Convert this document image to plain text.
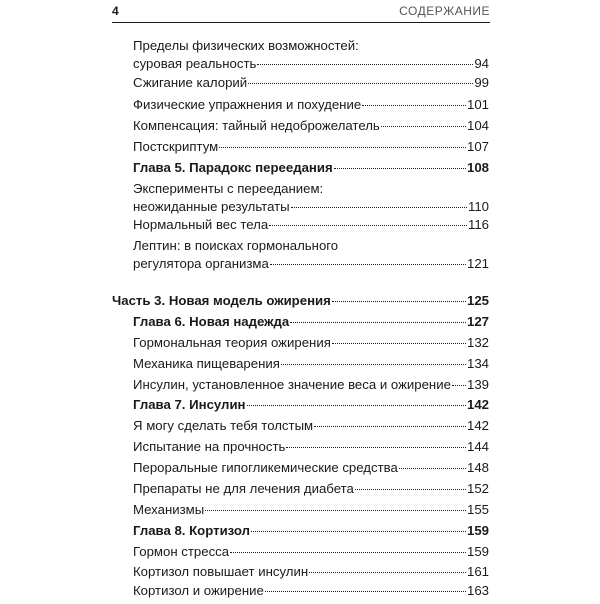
4	СОДЕРЖАНИЕ
Пределы физических возможностей:
суровая реальность	94
Сжигание калорий	99
Физические упражнения и похудение	101
Компенсация: тайный недоброжелатель	104
Постскриптум	107
Глава 5. Парадокс переедания	108
Эксперименты с перееданием:
неожиданные результаты	110
Нормальный вес тела	116
Лептин: в поисках гормонального
регулятора организма	121
Часть 3. Новая модель ожирения	125
Глава 6. Новая надежда	127
Гормональная теория ожирения	132
Механика пищеварения	134
Инсулин, установленное значение веса и ожирение 139
Глава 7. Инсулин	142
Я могу сделать тебя толстым	142
Испытание на прочность	144
Пероральные гипогликемические средства	148
Препараты не для лечения диабета	152
Механизмы	155
Глава 8. Кортизол	159
Гормон стресса	159
Кортизол повышает инсулин	161
Кортизол и ожирение	163
